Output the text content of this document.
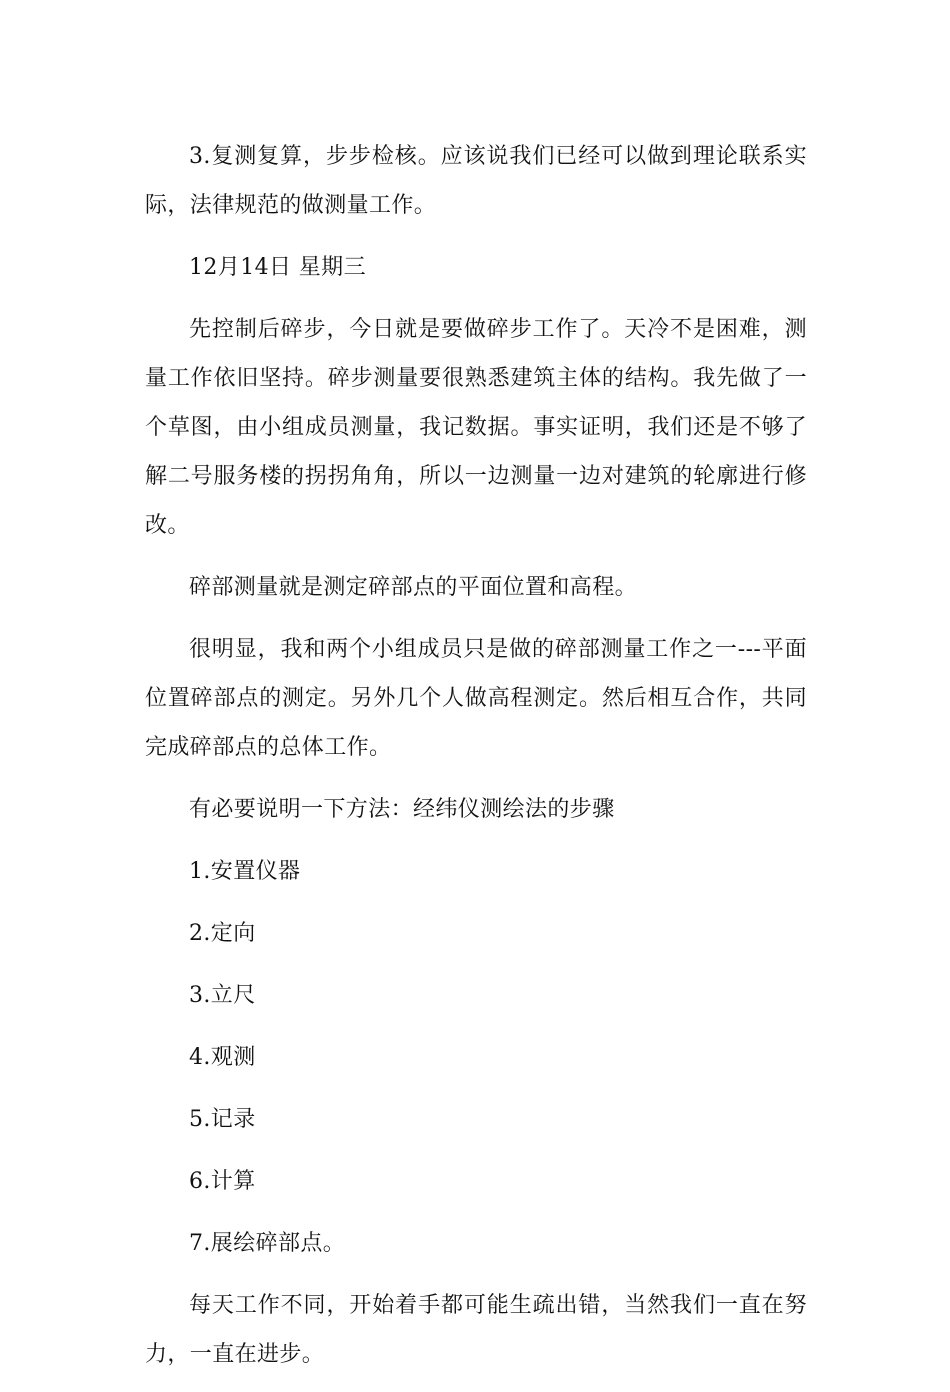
3.复测复算，步步检核。应该说我们已经可以做到理论联系实际，法律规范的做测量工作。

12月14日 星期三

先控制后碎步，今日就是要做碎步工作了。天冷不是困难，测量工作依旧坚持。碎步测量要很熟悉建筑主体的结构。我先做了一个草图，由小组成员测量，我记数据。事实证明，我们还是不够了解二号服务楼的拐拐角角，所以一边测量一边对建筑的轮廓进行修改。

碎部测量就是测定碎部点的平面位置和高程。

很明显，我和两个小组成员只是做的碎部测量工作之一---平面位置碎部点的测定。另外几个人做高程测定。然后相互合作，共同完成碎部点的总体工作。

有必要说明一下方法：经纬仪测绘法的步骤

1.安置仪器

2.定向

3.立尺

4.观测

5.记录

6.计算

7.展绘碎部点。

每天工作不同，开始着手都可能生疏出错，当然我们一直在努力，一直在进步。
